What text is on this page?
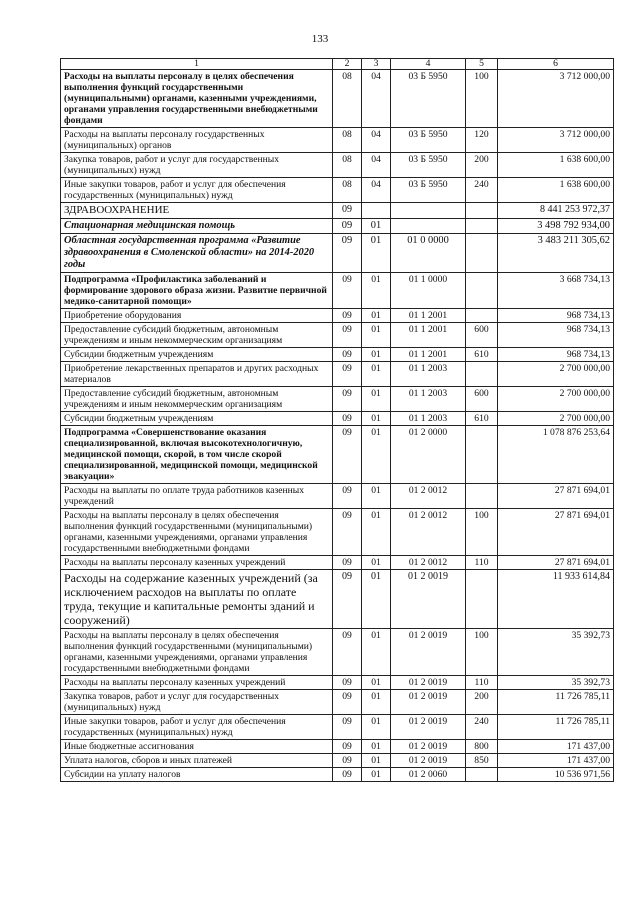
133
1	2	3	4	5	6
Расходы на выплаты персоналу в целях обеспечения выполнения функций государственными (муниципальными) органами, казенными учреждениями, органами управления государственными внебюджетными фондами	08	04	03 Б 5950	100	3 712 000,00
Расходы на выплаты персоналу государственных (муниципальных) органов	08	04	03 Б 5950	120	3 712 000,00
Закупка товаров, работ и услуг для государственных (муниципальных) нужд	08	04	03 Б 5950	200	1 638 600,00
Иные закупки товаров, работ и услуг для обеспечения государственных (муниципальных) нужд	08	04	03 Б 5950	240	1 638 600,00
ЗДРАВООХРАНЕНИЕ	09				8 441 253 972,37
Стационарная медицинская помощь	09	01			3 498 792 934,00
Областная государственная программа «Развитие здравоохранения в Смоленской области» на 2014-2020 годы	09	01	01 0 0000		3 483 211 305,62
Подпрограмма «Профилактика заболеваний и формирование здорового образа жизни. Развитие первичной медико-санитарной помощи»	09	01	01 1 0000		3 668 734,13
Приобретение оборудования	09	01	01 1 2001		968 734,13
Предоставление субсидий бюджетным, автономным учреждениям и иным некоммерческим организациям	09	01	01 1 2001	600	968 734,13
Субсидии бюджетным учреждениям	09	01	01 1 2001	610	968 734,13
Приобретение лекарственных препаратов и других расходных материалов	09	01	01 1 2003		2 700 000,00
Предоставление субсидий бюджетным, автономным учреждениям и иным некоммерческим организациям	09	01	01 1 2003	600	2 700 000,00
Субсидии бюджетным учреждениям	09	01	01 1 2003	610	2 700 000,00
Подпрограмма «Совершенствование оказания специализированной, включая высокотехнологичную, медицинской помощи, скорой, в том числе скорой специализированной, медицинской помощи, медицинской эвакуации»	09	01	01 2 0000		1 078 876 253,64
Расходы на выплаты по оплате труда работников казенных учреждений	09	01	01 2 0012		27 871 694,01
Расходы на выплаты персоналу в целях обеспечения выполнения функций государственными (муниципальными) органами, казенными учреждениями, органами управления государственными внебюджетными фондами	09	01	01 2 0012	100	27 871 694,01
Расходы на выплаты персоналу казенных учреждений	09	01	01 2 0012	110	27 871 694,01
Расходы на содержание казенных учреждений (за исключением расходов на выплаты по оплате труда, текущие и капитальные ремонты зданий и сооружений)	09	01	01 2 0019		11 933 614,84
Расходы на выплаты персоналу в целях обеспечения выполнения функций государственными (муниципальными) органами, казенными учреждениями, органами управления государственными внебюджетными фондами	09	01	01 2 0019	100	35 392,73
Расходы на выплаты персоналу казенных учреждений	09	01	01 2 0019	110	35 392,73
Закупка товаров, работ и услуг для государственных (муниципальных) нужд	09	01	01 2 0019	200	11 726 785,11
Иные закупки товаров, работ и услуг для обеспечения государственных (муниципальных) нужд	09	01	01 2 0019	240	11 726 785,11
Иные бюджетные ассигнования	09	01	01 2 0019	800	171 437,00
Уплата налогов, сборов и иных платежей	09	01	01 2 0019	850	171 437,00
Субсидии на уплату налогов	09	01	01 2 0060		10 536 971,56
